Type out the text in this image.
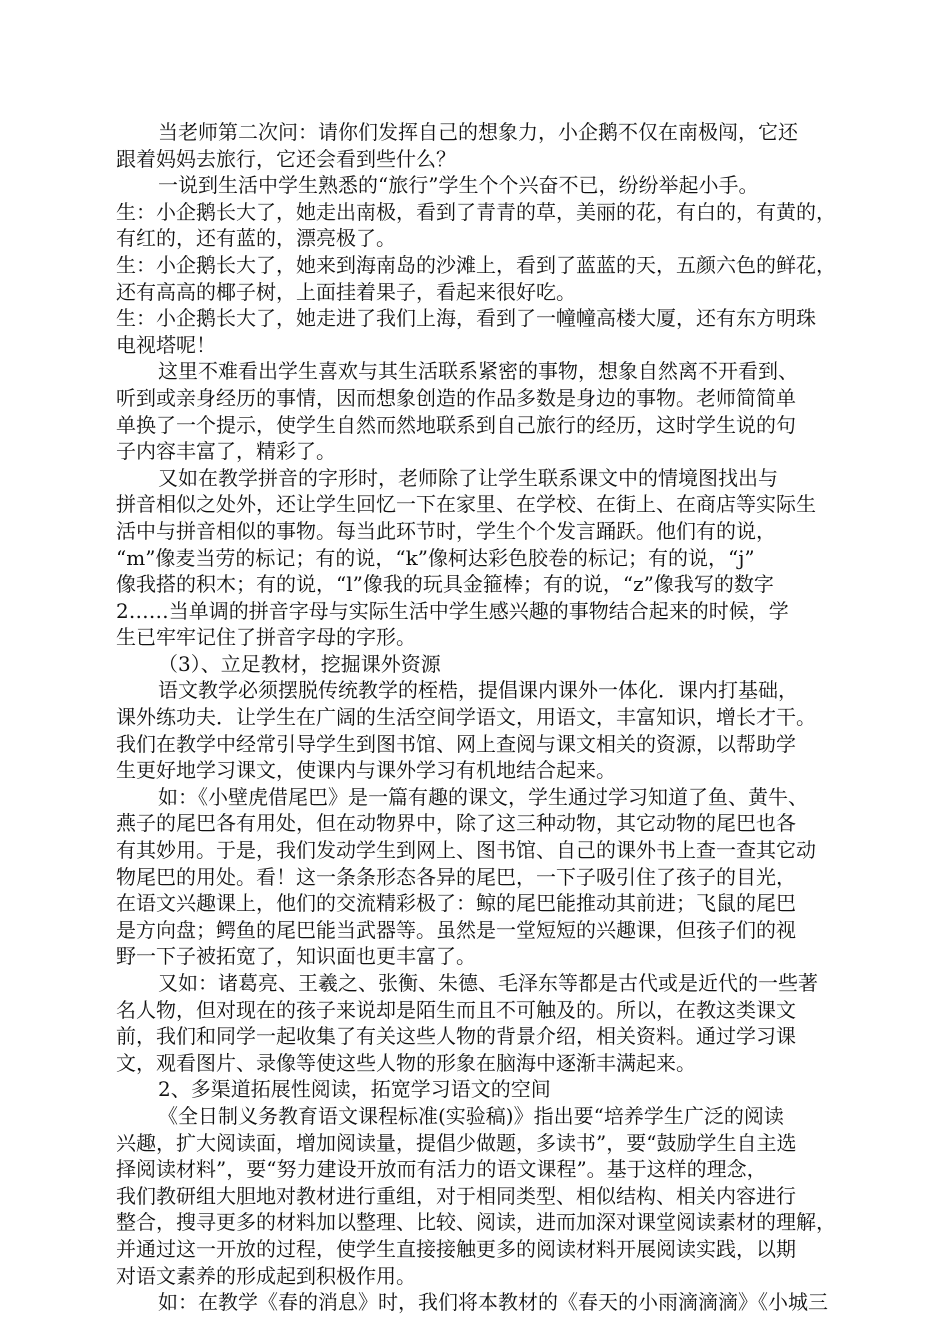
当老师第二次问：请你们发挥自己的想象力，小企鹅不仅在南极闯，它还
跟着妈妈去旅行，它还会看到些什么？
一说到生活中学生熟悉的“旅行”学生个个兴奋不已，纷纷举起小手。
生：小企鹅长大了，她走出南极，看到了青青的草，美丽的花，有白的，有黄的，
有红的，还有蓝的，漂亮极了。
生：小企鹅长大了，她来到海南岛的沙滩上，看到了蓝蓝的天，五颜六色的鲜花，
还有高高的椰子树，上面挂着果子，看起来很好吃。
生：小企鹅长大了，她走进了我们上海，看到了一幢幢高楼大厦，还有东方明珠
电视塔呢！
这里不难看出学生喜欢与其生活联系紧密的事物，想象自然离不开看到、
听到或亲身经历的事情，因而想象创造的作品多数是身边的事物。老师简简单
单换了一个提示，使学生自然而然地联系到自己旅行的经历，这时学生说的句
子内容丰富了，精彩了。
又如在教学拼音的字形时，老师除了让学生联系课文中的情境图找出与
拼音相似之处外，还让学生回忆一下在家里、在学校、在街上、在商店等实际生
活中与拼音相似的事物。每当此环节时，学生个个发言踊跃。他们有的说，
“m”像麦当劳的标记；有的说，“k”像柯达彩色胶卷的标记；有的说，“j”
像我搭的积木；有的说，“l”像我的玩具金箍棒；有的说，“z”像我写的数字
2……当单调的拼音字母与实际生活中学生感兴趣的事物结合起来的时候，学
生已牢牢记住了拼音字母的字形。
（3）、立足教材，挖掘课外资源
语文教学必须摆脱传统教学的桎梏，提倡课内课外一体化．课内打基础，
课外练功夫．让学生在广阔的生活空间学语文，用语文，丰富知识，增长才干。
我们在教学中经常引导学生到图书馆、网上查阅与课文相关的资源，以帮助学
生更好地学习课文，使课内与课外学习有机地结合起来。
如：《小壁虎借尾巴》是一篇有趣的课文，学生通过学习知道了鱼、黄牛、
燕子的尾巴各有用处，但在动物界中，除了这三种动物，其它动物的尾巴也各
有其妙用。于是，我们发动学生到网上、图书馆、自己的课外书上查一查其它动
物尾巴的用处。看！这一条条形态各异的尾巴，一下子吸引住了孩子的目光，
在语文兴趣课上，他们的交流精彩极了：鲸的尾巴能推动其前进；飞鼠的尾巴
是方向盘；鳄鱼的尾巴能当武器等。虽然是一堂短短的兴趣课，但孩子们的视
野一下子被拓宽了，知识面也更丰富了。
又如：诸葛亮、王羲之、张衡、朱德、毛泽东等都是古代或是近代的一些著
名人物，但对现在的孩子来说却是陌生而且不可触及的。所以，在教这类课文
前，我们和同学一起收集了有关这些人物的背景介绍，相关资料。通过学习课
文，观看图片、录像等使这些人物的形象在脑海中逐渐丰满起来。
2、多渠道拓展性阅读，拓宽学习语文的空间
《全日制义务教育语文课程标准(实验稿)》指出要“培养学生广泛的阅读
兴趣，扩大阅读面，增加阅读量，提倡少做题，多读书”，要“鼓励学生自主选
择阅读材料”，要“努力建设开放而有活力的语文课程”。基于这样的理念，
我们教研组大胆地对教材进行重组，对于相同类型、相似结构、相关内容进行
整合，搜寻更多的材料加以整理、比较、阅读，进而加深对课堂阅读素材的理解，
并通过这一开放的过程，使学生直接接触更多的阅读材料开展阅读实践，以期
对语文素养的形成起到积极作用。
如：在教学《春的消息》时，我们将本教材的《春天的小雨滴滴滴》《小城三
